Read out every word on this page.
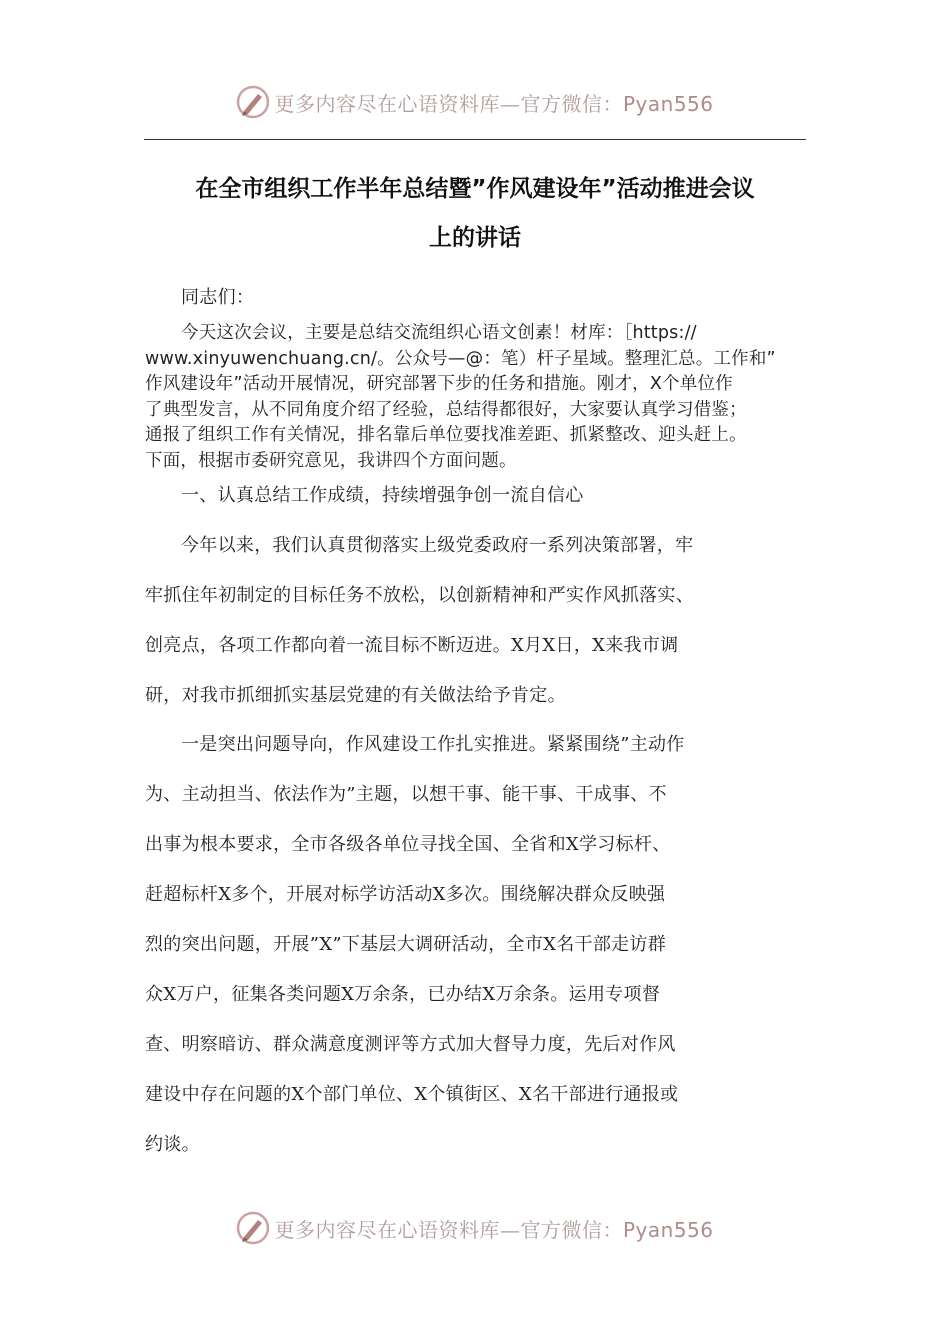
更多内容尽在心语资料库—官方微信：Pyan556
在全市组织工作半年总结暨”作风建设年”活动推进会议
上的讲话
同志们：
今天这次会议，主要是总结交流组织心语文创素！材库：［https://
www.xinyuwenchuang.cn/。公众号—@：笔）杆子星域。整理汇总。工作和”
作风建设年”活动开展情况，研究部署下步的任务和措施。刚才，X个单位作
了典型发言，从不同角度介绍了经验，总结得都很好，大家要认真学习借鉴；
通报了组织工作有关情况，排名靠后单位要找准差距、抓紧整改、迎头赶上。
下面，根据市委研究意见，我讲四个方面问题。
一、认真总结工作成绩，持续增强争创一流自信心
今年以来，我们认真贯彻落实上级党委政府一系列决策部署，牢
牢抓住年初制定的目标任务不放松，以创新精神和严实作风抓落实、
创亮点，各项工作都向着一流目标不断迈进。X月X日，X来我市调
研，对我市抓细抓实基层党建的有关做法给予肯定。
一是突出问题导向，作风建设工作扎实推进。紧紧围绕”主动作
为、主动担当、依法作为”主题，以想干事、能干事、干成事、不
出事为根本要求，全市各级各单位寻找全国、全省和X学习标杆、
赶超标杆X多个，开展对标学访活动X多次。围绕解决群众反映强
烈的突出问题，开展”X”下基层大调研活动，全市X名干部走访群
众X万户，征集各类问题X万余条，已办结X万余条。运用专项督
查、明察暗访、群众满意度测评等方式加大督导力度，先后对作风
建设中存在问题的X个部门单位、X个镇街区、X名干部进行通报或
约谈。
更多内容尽在心语资料库—官方微信：Pyan556
